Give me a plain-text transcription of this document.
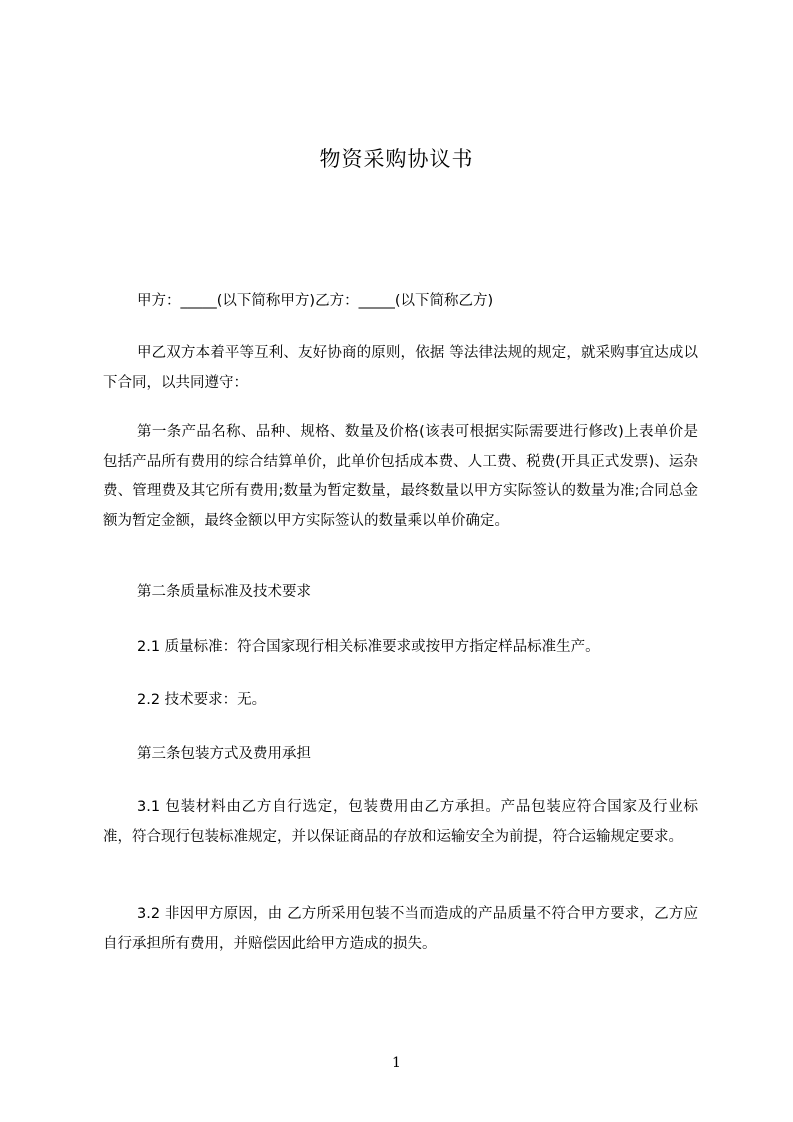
物资采购协议书
甲方：_____(以下简称甲方)乙方：_____(以下简称乙方)
甲乙双方本着平等互利、友好协商的原则，依据 等法律法规的规定，就采购事宜达成以下合同，以共同遵守：
第一条产品名称、品种、规格、数量及价格(该表可根据实际需要进行修改)上表单价是包括产品所有费用的综合结算单价，此单价包括成本费、人工费、税费(开具正式发票)、运杂费、管理费及其它所有费用;数量为暂定数量，最终数量以甲方实际签认的数量为准;合同总金额为暂定金额，最终金额以甲方实际签认的数量乘以单价确定。
第二条质量标准及技术要求
2.1 质量标准：符合国家现行相关标准要求或按甲方指定样品标准生产。
2.2 技术要求：无。
第三条包装方式及费用承担
3.1 包装材料由乙方自行选定，包装费用由乙方承担。产品包装应符合国家及行业标准，符合现行包装标准规定，并以保证商品的存放和运输安全为前提，符合运输规定要求。
3.2 非因甲方原因，由 乙方所采用包装不当而造成的产品质量不符合甲方要求，乙方应自行承担所有费用，并赔偿因此给甲方造成的损失。
1
